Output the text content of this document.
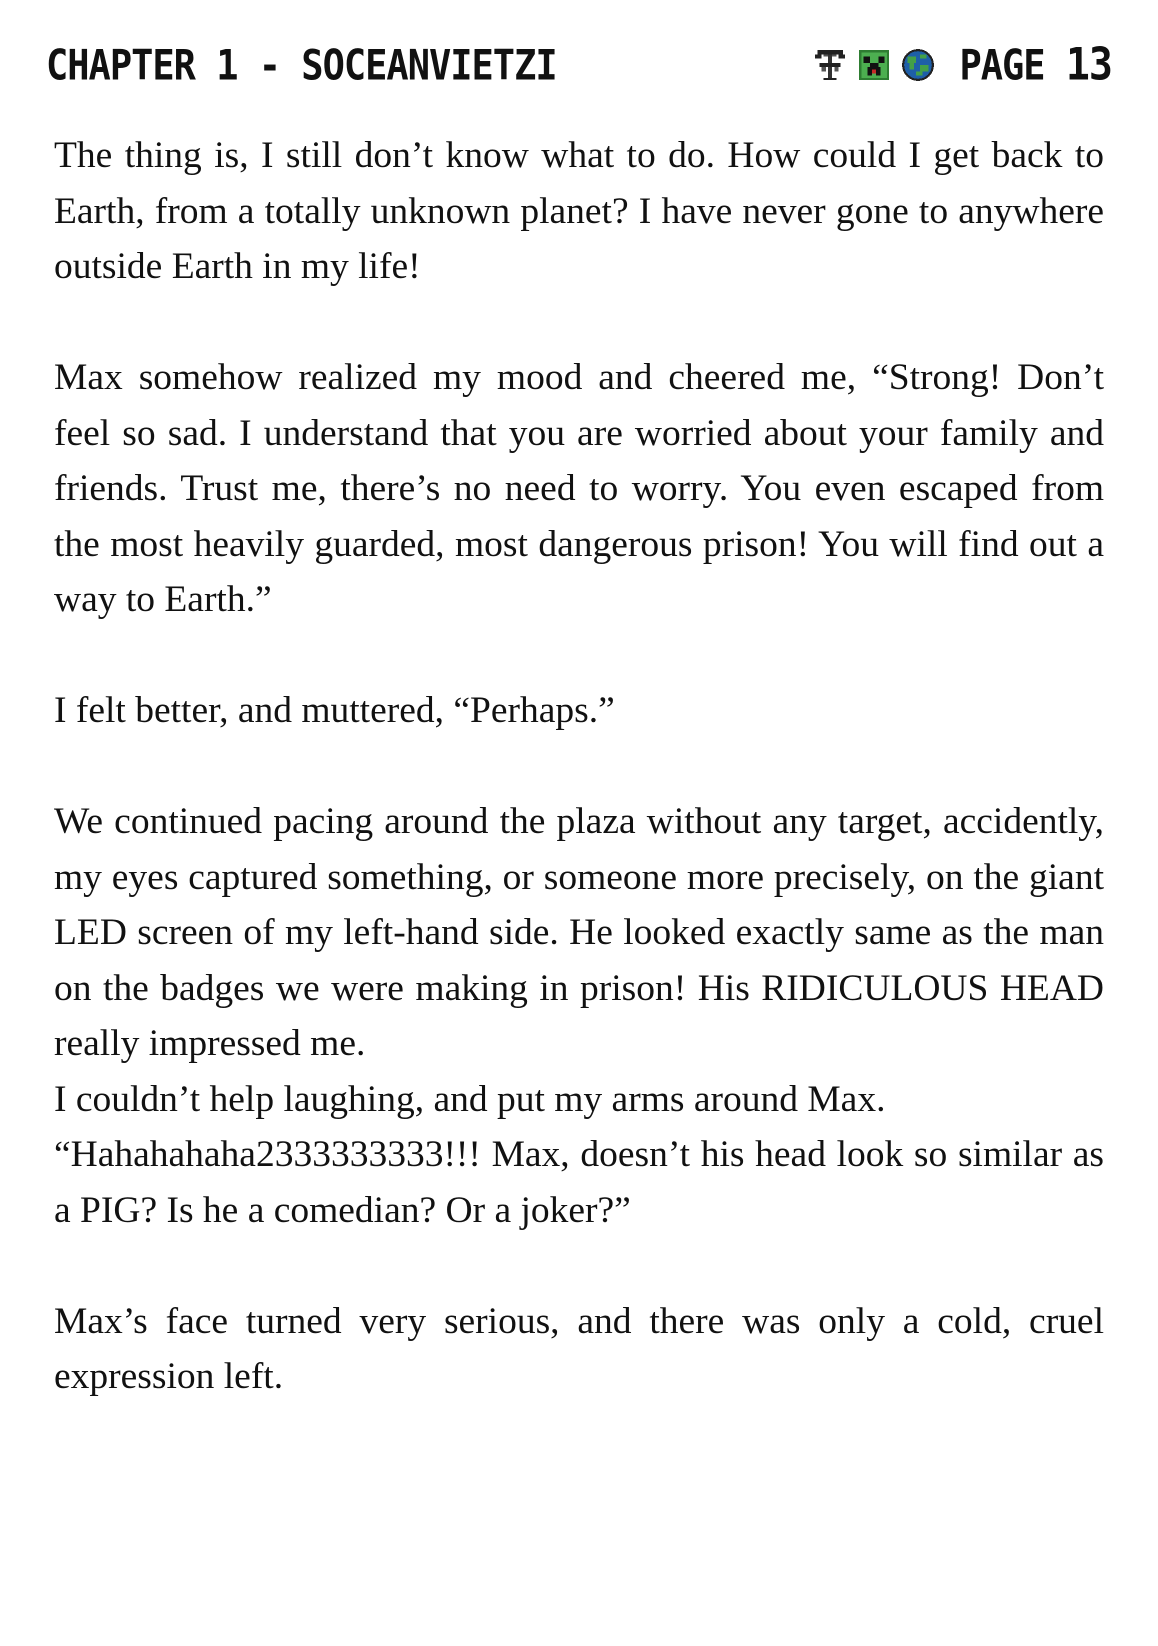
CHAPTER 1 - SOCEANVIETZI	PAGE 13

The thing is, I still don’t know what to do. How could I get back to Earth, from a totally unknown planet? I have never gone to anywhere outside Earth in my life!

Max somehow realized my mood and cheered me, “Strong! Don’t feel so sad. I understand that you are worried about your family and friends. Trust me, there’s no need to worry. You even escaped from the most heavily guarded, most dangerous prison! You will find out a way to Earth.”

I felt better, and muttered, “Perhaps.”

We continued pacing around the plaza without any target, accidently, my eyes captured something, or someone more precisely, on the giant LED screen of my left-hand side. He looked exactly same as the man on the badges we were making in prison! His RIDICULOUS HEAD really impressed me.

I couldn’t help laughing, and put my arms around Max.

“Hahahahaha2333333333!!! Max, doesn’t his head look so similar as a PIG? Is he a comedian? Or a joker?”

Max’s face turned very serious, and there was only a cold, cruel expression left.
